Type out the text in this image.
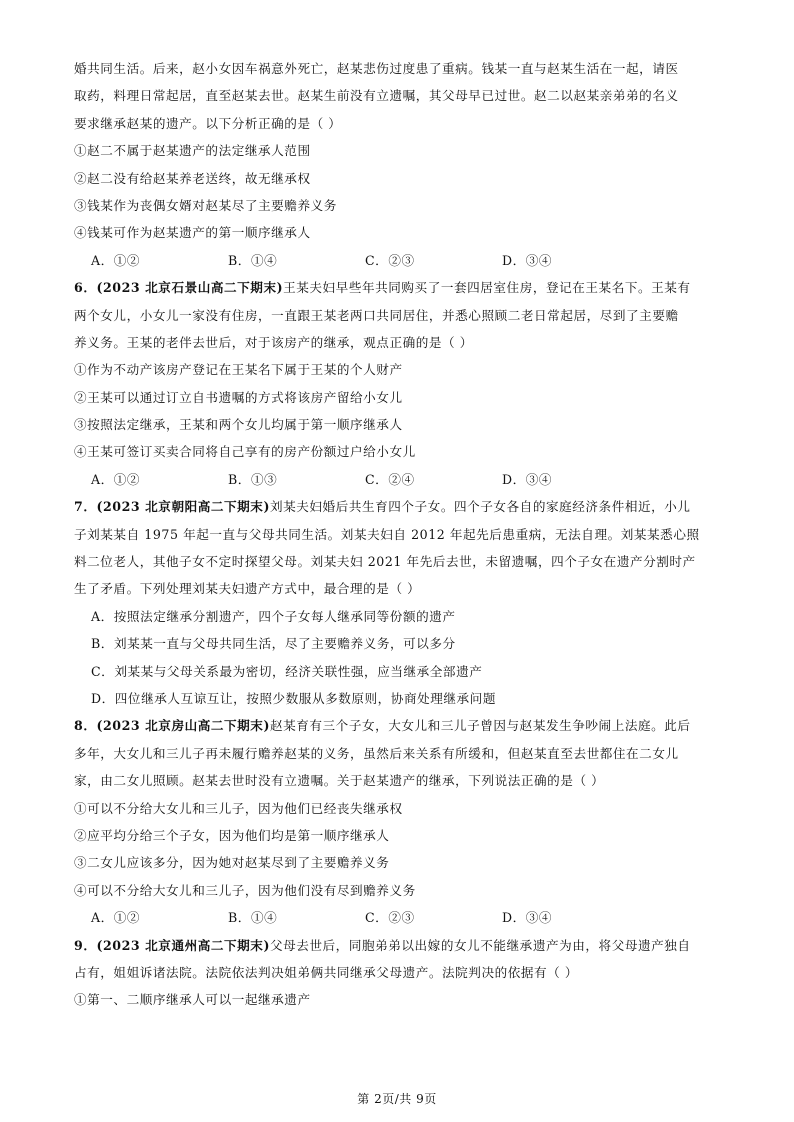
婚共同生活。后来，赵小女因车祸意外死亡，赵某悲伤过度患了重病。钱某一直与赵某生活在一起，请医
取药，料理日常起居，直至赵某去世。赵某生前没有立遗嘱，其父母早已过世。赵二以赵某亲弟弟的名义
要求继承赵某的遗产。以下分析正确的是（ ）
①赵二不属于赵某遗产的法定继承人范围
②赵二没有给赵某养老送终，故无继承权
③钱某作为丧偶女婿对赵某尽了主要赡养义务
④钱某可作为赵某遗产的第一顺序继承人
A．①②	B．①④	C．②③	D．③④
6．(2023 北京石景山高二下期末)王某夫妇早些年共同购买了一套四居室住房，登记在王某名下。王某有
两个女儿，小女儿一家没有住房，一直跟王某老两口共同居住，并悉心照顾二老日常起居，尽到了主要赡
养义务。王某的老伴去世后，对于该房产的继承，观点正确的是（ ）
①作为不动产该房产登记在王某名下属于王某的个人财产
②王某可以通过订立自书遗嘱的方式将该房产留给小女儿
③按照法定继承，王某和两个女儿均属于第一顺序继承人
④王某可签订买卖合同将自己享有的房产份额过户给小女儿
A．①②	B．①③	C．②④	D．③④
7．(2023 北京朝阳高二下期末)刘某夫妇婚后共生育四个子女。四个子女各自的家庭经济条件相近，小儿
子刘某某自 1975 年起一直与父母共同生活。刘某夫妇自 2012 年起先后患重病，无法自理。刘某某悉心照
料二位老人，其他子女不定时探望父母。刘某夫妇 2021 年先后去世，未留遗嘱，四个子女在遗产分割时产
生了矛盾。下列处理刘某夫妇遗产方式中，最合理的是（ ）
A．按照法定继承分割遗产，四个子女每人继承同等份额的遗产
B．刘某某一直与父母共同生活，尽了主要赡养义务，可以多分
C．刘某某与父母关系最为密切，经济关联性强，应当继承全部遗产
D．四位继承人互谅互让，按照少数服从多数原则，协商处理继承问题
8．(2023 北京房山高二下期末)赵某育有三个子女，大女儿和三儿子曾因与赵某发生争吵闹上法庭。此后
多年，大女儿和三儿子再未履行赡养赵某的义务，虽然后来关系有所缓和，但赵某直至去世都住在二女儿
家，由二女儿照顾。赵某去世时没有立遗嘱。关于赵某遗产的继承，下列说法正确的是（ ）
①可以不分给大女儿和三儿子，因为他们已经丧失继承权
②应平均分给三个子女，因为他们均是第一顺序继承人
③二女儿应该多分，因为她对赵某尽到了主要赡养义务
④可以不分给大女儿和三儿子，因为他们没有尽到赡养义务
A．①②	B．①④	C．②③	D．③④
9．(2023 北京通州高二下期末)父母去世后，同胞弟弟以出嫁的女儿不能继承遗产为由，将父母遗产独自
占有，姐姐诉诸法院。法院依法判决姐弟俩共同继承父母遗产。法院判决的依据有（ ）
①第一、二顺序继承人可以一起继承遗产
第 2页/共 9页
